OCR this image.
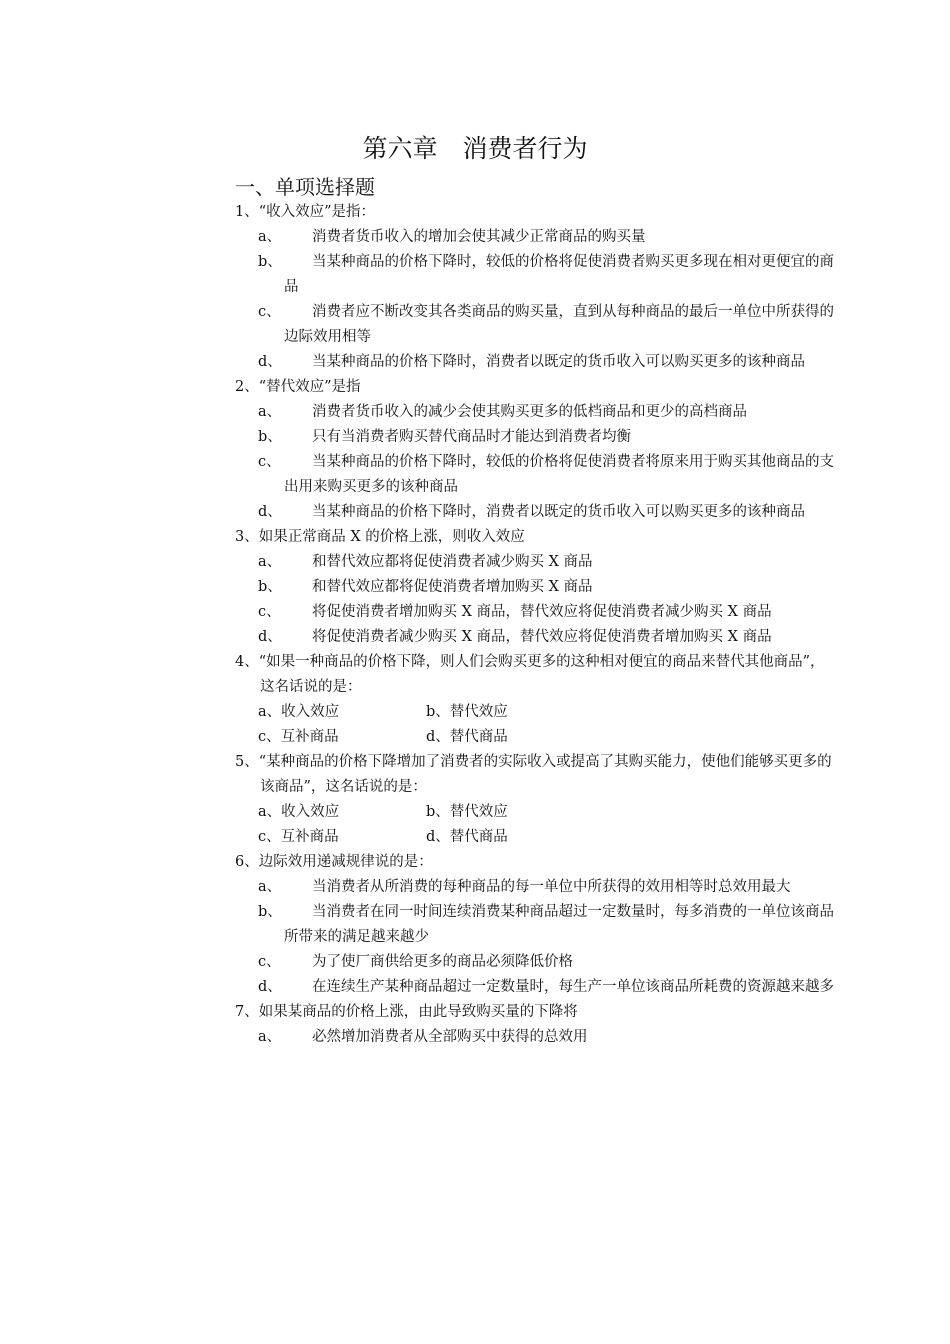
第六章　消费者行为
一、单项选择题
1、“收入效应”是指：
a、 消费者货币收入的增加会使其减少正常商品的购买量
b、 当某种商品的价格下降时，较低的价格将促使消费者购买更多现在相对更便宜的商品
c、 消费者应不断改变其各类商品的购买量，直到从每种商品的最后一单位中所获得的边际效用相等
d、 当某种商品的价格下降时，消费者以既定的货币收入可以购买更多的该种商品
2、“替代效应”是指
a、 消费者货币收入的减少会使其购买更多的低档商品和更少的高档商品
b、 只有当消费者购买替代商品时才能达到消费者均衡
c、 当某种商品的价格下降时，较低的价格将促使消费者将原来用于购买其他商品的支出用来购买更多的该种商品
d、 当某种商品的价格下降时，消费者以既定的货币收入可以购买更多的该种商品
3、如果正常商品 X 的价格上涨，则收入效应
a、 和替代效应都将促使消费者减少购买 X 商品
b、 和替代效应都将促使消费者增加购买 X 商品
c、 将促使消费者增加购买 X 商品，替代效应将促使消费者减少购买 X 商品
d、 将促使消费者减少购买 X 商品，替代效应将促使消费者增加购买 X 商品
4、“如果一种商品的价格下降，则人们会购买更多的这种相对便宜的商品来替代其他商品”，这名话说的是：
a、收入效应	b、替代效应
c、互补商品	d、替代商品
5、“某种商品的价格下降增加了消费者的实际收入或提高了其购买能力，使他们能够买更多的该商品”，这名话说的是：
a、收入效应	b、替代效应
c、互补商品	d、替代商品
6、边际效用递减规律说的是：
a、 当消费者从所消费的每种商品的每一单位中所获得的效用相等时总效用最大
b、 当消费者在同一时间连续消费某种商品超过一定数量时，每多消费的一单位该商品所带来的满足越来越少
c、 为了使厂商供给更多的商品必须降低价格
d、 在连续生产某种商品超过一定数量时，每生产一单位该商品所耗费的资源越来越多
7、如果某商品的价格上涨，由此导致购买量的下降将
a、 必然增加消费者从全部购买中获得的总效用
